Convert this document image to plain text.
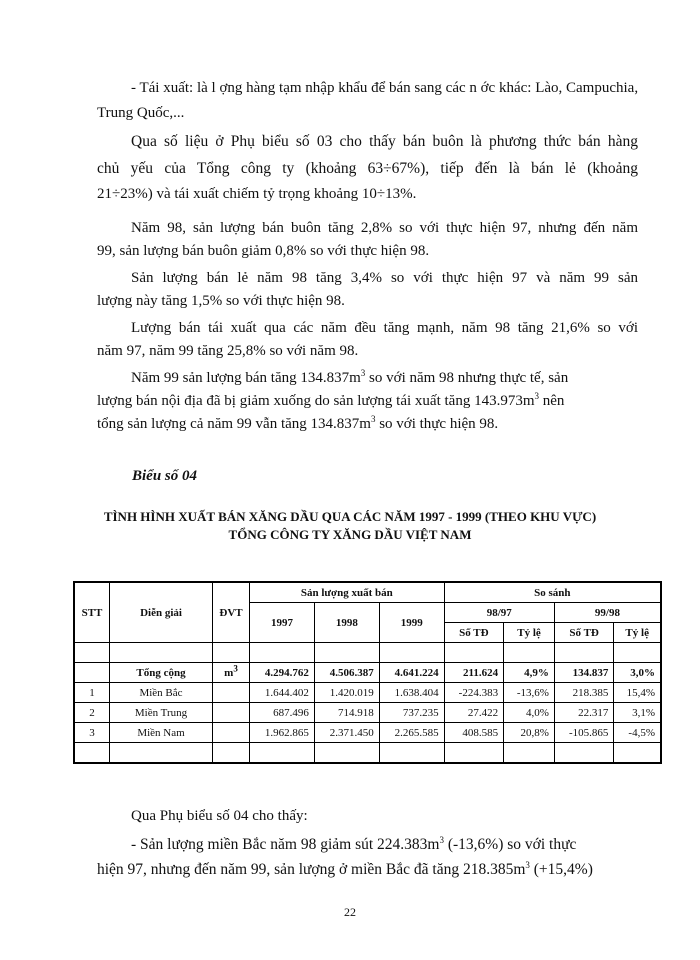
- Tái xuất: là l ợng hàng tạm nhập khẩu để bán sang các n ớc khác: Lào, Campuchia,
Trung Quốc,...
Qua số liệu ở Phụ biểu số 03 cho thấy bán buôn là phương thức bán hàng
chủ yếu của Tổng công ty (khoảng 63÷67%), tiếp đến là bán lẻ (khoảng
21÷23%) và tái xuất chiếm tỷ trọng khoảng 10÷13%.
Năm 98, sản lượng bán buôn tăng 2,8% so với thực hiện 97, nhưng đến năm
99, sản lượng bán buôn giảm 0,8% so với thực hiện 98.
Sản lượng bán lẻ năm 98 tăng 3,4% so với thực hiện 97 và năm 99 sản
lượng này tăng 1,5% so với thực hiện 98.
Lượng bán tái xuất qua các năm đều tăng mạnh, năm 98 tăng 21,6% so với
năm 97, năm 99 tăng 25,8% so với năm 98.
Năm 99 sản lượng bán tăng $134.837m^3$ so với năm 98 nhưng thực tế, sản
lượng bán nội địa đã bị giảm xuống do sản lượng tái xuất tăng $143.973m^3$ nên
tổng sản lượng cả năm 99 vẫn tăng $134.837m^3$ so với thực hiện 98.
Biểu số 04
TÌNH HÌNH XUẤT BÁN XĂNG DẦU QUA CÁC NĂM 1997 - 1999 (THEO KHU VỰC)
TỔNG CÔNG TY XĂNG DẦU VIỆT NAM
STT	Diễn giải	ĐVT	Sản lượng xuất bán			So sánh			
			1997	1998	1999	98/97		99/98	
						Số TĐ	Tỷ lệ	Số TĐ	Tỷ lệ

	Tổng cộng	$m^3$	4.294.762	4.506.387	4.641.224	211.624	4,9%	134.837	3,0%
1	Miền Bắc		1.644.402	1.420.019	1.638.404	-224.383	-13,6%	218.385	15,4%
2	Miền Trung		687.496	714.918	737.235	27.422	4,0%	22.317	3,1%
3	Miền Nam		1.962.865	2.371.450	2.265.585	408.585	20,8%	-105.865	-4,5%

Qua Phụ biểu số 04 cho thấy:
- Sản lượng miền Bắc năm 98 giảm sút $224.383m^3$ (-13,6%) so với thực
hiện 97, nhưng đến năm 99, sản lượng ở miền Bắc đã tăng $218.385m^3$ (+15,4%)
22
